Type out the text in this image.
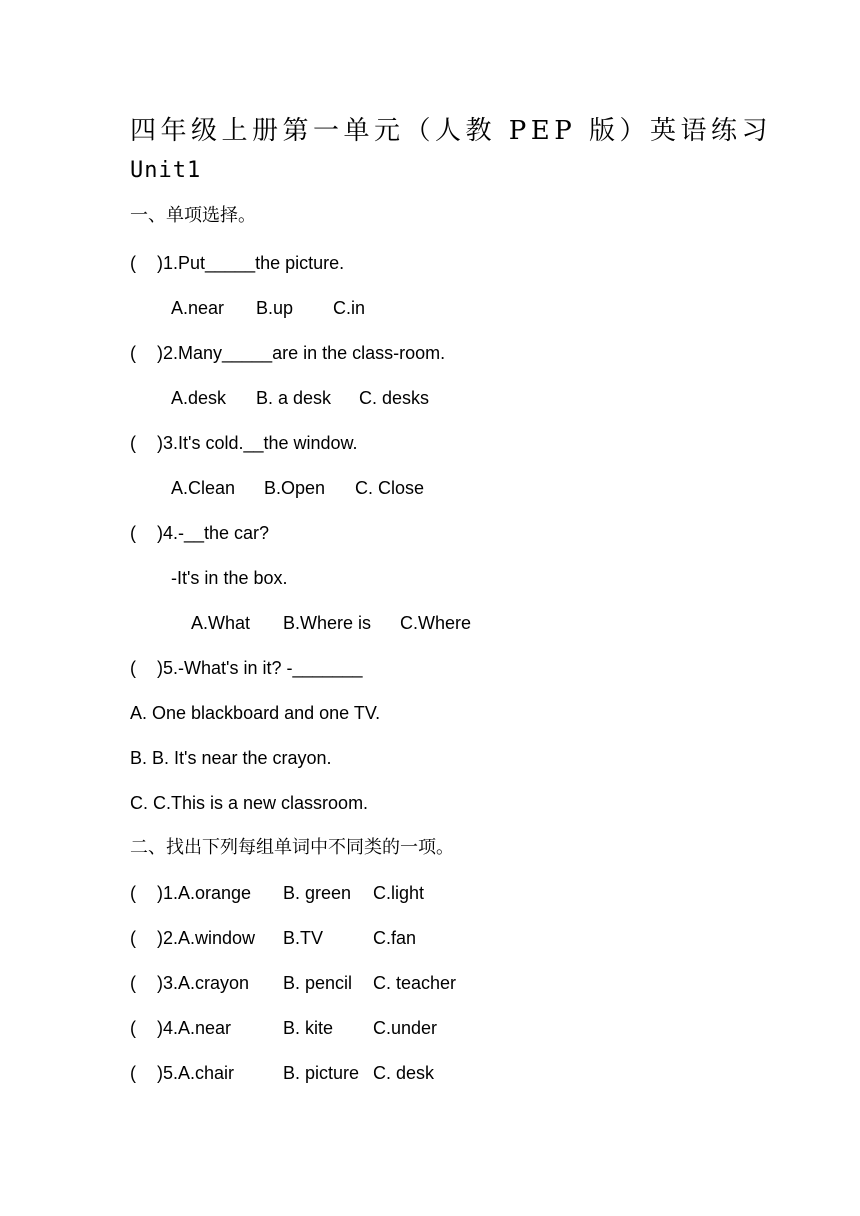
四年级上册第一单元（人教 PEP 版）英语练习
Unit1
一、单项选择。
( )1.Put_____the picture.
A.near B.up C.in
( )2.Many_____are in the class-room.
A.desk B. a desk C. desks
( )3.It's cold.__the window.
A.Clean B.Open C. Close
( )4.-__the car?
-It's in the box.
A.What B.Where is C.Where
( )5.-What's in it? -_______
A. One blackboard and one TV.
B. B. It's near the crayon.
C. C.This is a new classroom.
二、找出下列每组单词中不同类的一项。
( )1.A.orange B. green C.light
( )2.A.window B.TV	C.fan
( )3.A.crayon B. pencil C. teacher
( )4.A.near	B. kite C.under
( )5.A.chair	B. picture C. desk
